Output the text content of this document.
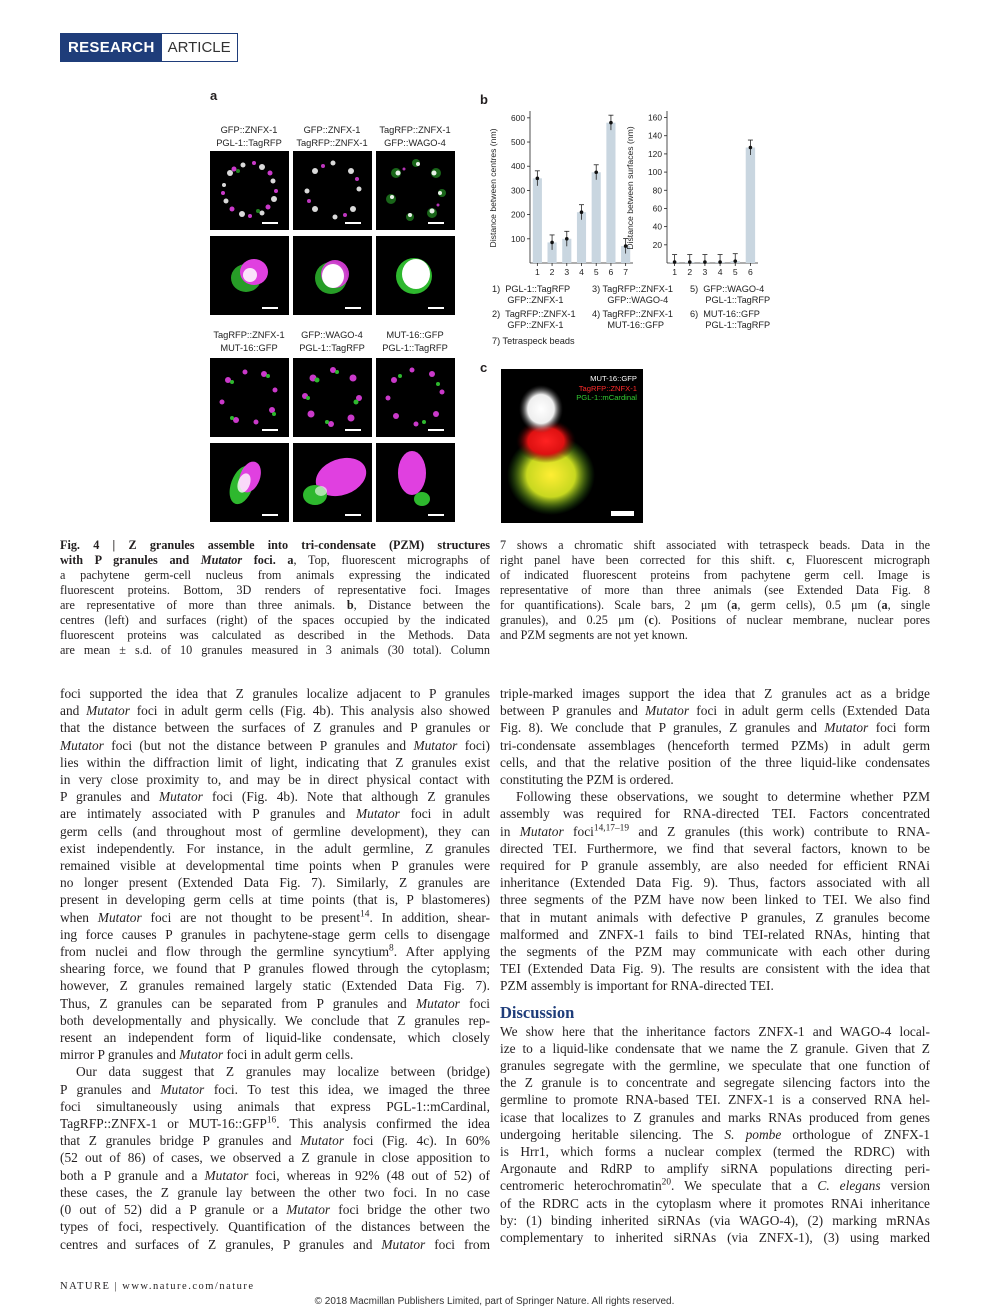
RESEARCH ARTICLE
a	b
c
GFP::ZNFX-1
PGL-1::TagRFP
GFP::ZNFX-1
TagRFP::ZNFX-1
TagRFP::ZNFX-1
GFP::WAGO-4
TagRFP::ZNFX-1
MUT-16::GFP
GFP::WAGO-4
PGL-1::TagRFP
MUT-16::GFP
PGL-1::TagRFP
Distance between centres (nm) 100
200
300
400
500
600
1 2 3 4 5 6 7
Distance between surfaces (nm) 20
40
60
80
100
120
140
160
1 2 3 4 5 6
1)  PGL-1::TagRFP
GFP::ZNFX-1
2)  TagRFP::ZNFX-1
GFP::ZNFX-1
3) TagRFP::ZNFX-1
GFP::WAGO-4
4) TagRFP::ZNFX-1
MUT-16::GFP
5)  GFP::WAGO-4
PGL-1::TagRFP
6)  MUT-16::GFP
PGL-1::TagRFP
7) Tetraspeck beads
MUT-16::GFP
TagRFP::ZNFX-1
PGL-1::mCardinal
Fig. 4 | Z granules assemble into tri-condensate (PZM) structures
with P granules and Mutator foci. a, Top, fluorescent micrographs of
a pachytene germ-cell nucleus from animals expressing the indicated
fluorescent proteins. Bottom, 3D renders of representative foci. Images
are representative of more than three animals. b, Distance between the
centres (left) and surfaces (right) of the spaces occupied by the indicated
fluorescent proteins was calculated as described in the Methods. Data
are mean ± s.d. of 10 granules measured in 3 animals (30 total). Column
7 shows a chromatic shift associated with tetraspeck beads. Data in the
right panel have been corrected for this shift. c, Fluorescent micrograph
of indicated fluorescent proteins from pachytene germ cell. Image is
representative of more than three animals (see Extended Data Fig. 8
for quantifications). Scale bars, 2 μm (a, germ cells), 0.5 μm (a, single
granules), and 0.25 μm (c). Positions of nuclear membrane, nuclear pores
and PZM segments are not yet known.
foci supported the idea that Z granules localize adjacent to P granules
and Mutator foci in adult germ cells (Fig. 4b). This analysis also showed
that the distance between the surfaces of Z granules and P granules or
Mutator foci (but not the distance between P granules and Mutator foci)
lies within the diffraction limit of light, indicating that Z granules exist
in very close proximity to, and may be in direct physical contact with
P granules and Mutator foci (Fig. 4b). Note that although Z granules
are intimately associated with P granules and Mutator foci in adult
germ cells (and throughout most of germline development), they can
exist independently. For instance, in the adult germline, Z granules
remained visible at developmental time points when P granules were
no longer present (Extended Data Fig. 7). Similarly, Z granules are
present in developing germ cells at time points (that is, P blastomeres)
when Mutator foci are not thought to be present$^{14}$. In addition, shear-
ing force causes P granules in pachytene-stage germ cells to disengage
from nuclei and flow through the germline syncytium$^8$. After applying
shearing force, we found that P granules flowed through the cytoplasm;
however, Z granules remained largely static (Extended Data Fig. 7).
Thus, Z granules can be separated from P granules and Mutator foci
both developmentally and physically. We conclude that Z granules rep-
resent an independent form of liquid-like condensate, which closely
mirror P granules and Mutator foci in adult germ cells.
Our data suggest that Z granules may localize between (bridge)
P granules and Mutator foci. To test this idea, we imaged the three
foci simultaneously using animals that express PGL-1::mCardinal,
TagRFP::ZNFX-1 or MUT-16::GFP$^{16}$. This analysis confirmed the idea
that Z granules bridge P granules and Mutator foci (Fig. 4c). In 60%
(52 out of 86) of cases, we observed a Z granule in close apposition to
both a P granule and a Mutator foci, whereas in 92% (48 out of 52) of
these cases, the Z granule lay between the other two foci. In no case
(0 out of 52) did a P granule or a Mutator foci bridge the other two
types of foci, respectively. Quantification of the distances between the
centres and surfaces of Z granules, P granules and Mutator foci from
triple-marked images support the idea that Z granules act as a bridge
between P granules and Mutator foci in adult germ cells (Extended Data
Fig. 8). We conclude that P granules, Z granules and Mutator foci form
tri-condensate assemblages (henceforth termed PZMs) in adult germ
cells, and that the relative position of the three liquid-like condensates
constituting the PZM is ordered.
Following these observations, we sought to determine whether PZM
assembly was required for RNA-directed TEI. Factors concentrated
in Mutator foci$^{14,17-19}$ and Z granules (this work) contribute to RNA-
directed TEI. Furthermore, we find that several factors, known to be
required for P granule assembly, are also needed for efficient RNAi
inheritance (Extended Data Fig. 9). Thus, factors associated with all
three segments of the PZM have now been linked to TEI. We also find
that in mutant animals with defective P granules, Z granules become
malformed and ZNFX-1 fails to bind TEI-related RNAs, hinting that
the segments of the PZM may communicate with each other during
TEI (Extended Data Fig. 9). The results are consistent with the idea that
PZM assembly is important for RNA-directed TEI.
Discussion
We show here that the inheritance factors ZNFX-1 and WAGO-4 local-
ize to a liquid-like condensate that we name the Z granule. Given that Z
granules segregate with the germline, we speculate that one function of
the Z granule is to concentrate and segregate silencing factors into the
germline to promote RNA-based TEI. ZNFX-1 is a conserved RNA hel-
icase that localizes to Z granules and marks RNAs produced from genes
undergoing heritable silencing. The S. pombe orthologue of ZNFX-1
is Hrr1, which forms a nuclear complex (termed the RDRC) with
Argonaute and RdRP to amplify siRNA populations directing peri-
centromeric heterochromatin$^{20}$. We speculate that a C. elegans version
of the RDRC acts in the cytoplasm where it promotes RNAi inheritance
by: (1) binding inherited siRNAs (via WAGO-4), (2) marking mRNAs
complementary to inherited siRNAs (via ZNFX-1), (3) using marked
NATURE | www.nature.com/nature
© 2018 Macmillan Publishers Limited, part of Springer Nature. All rights reserved.
